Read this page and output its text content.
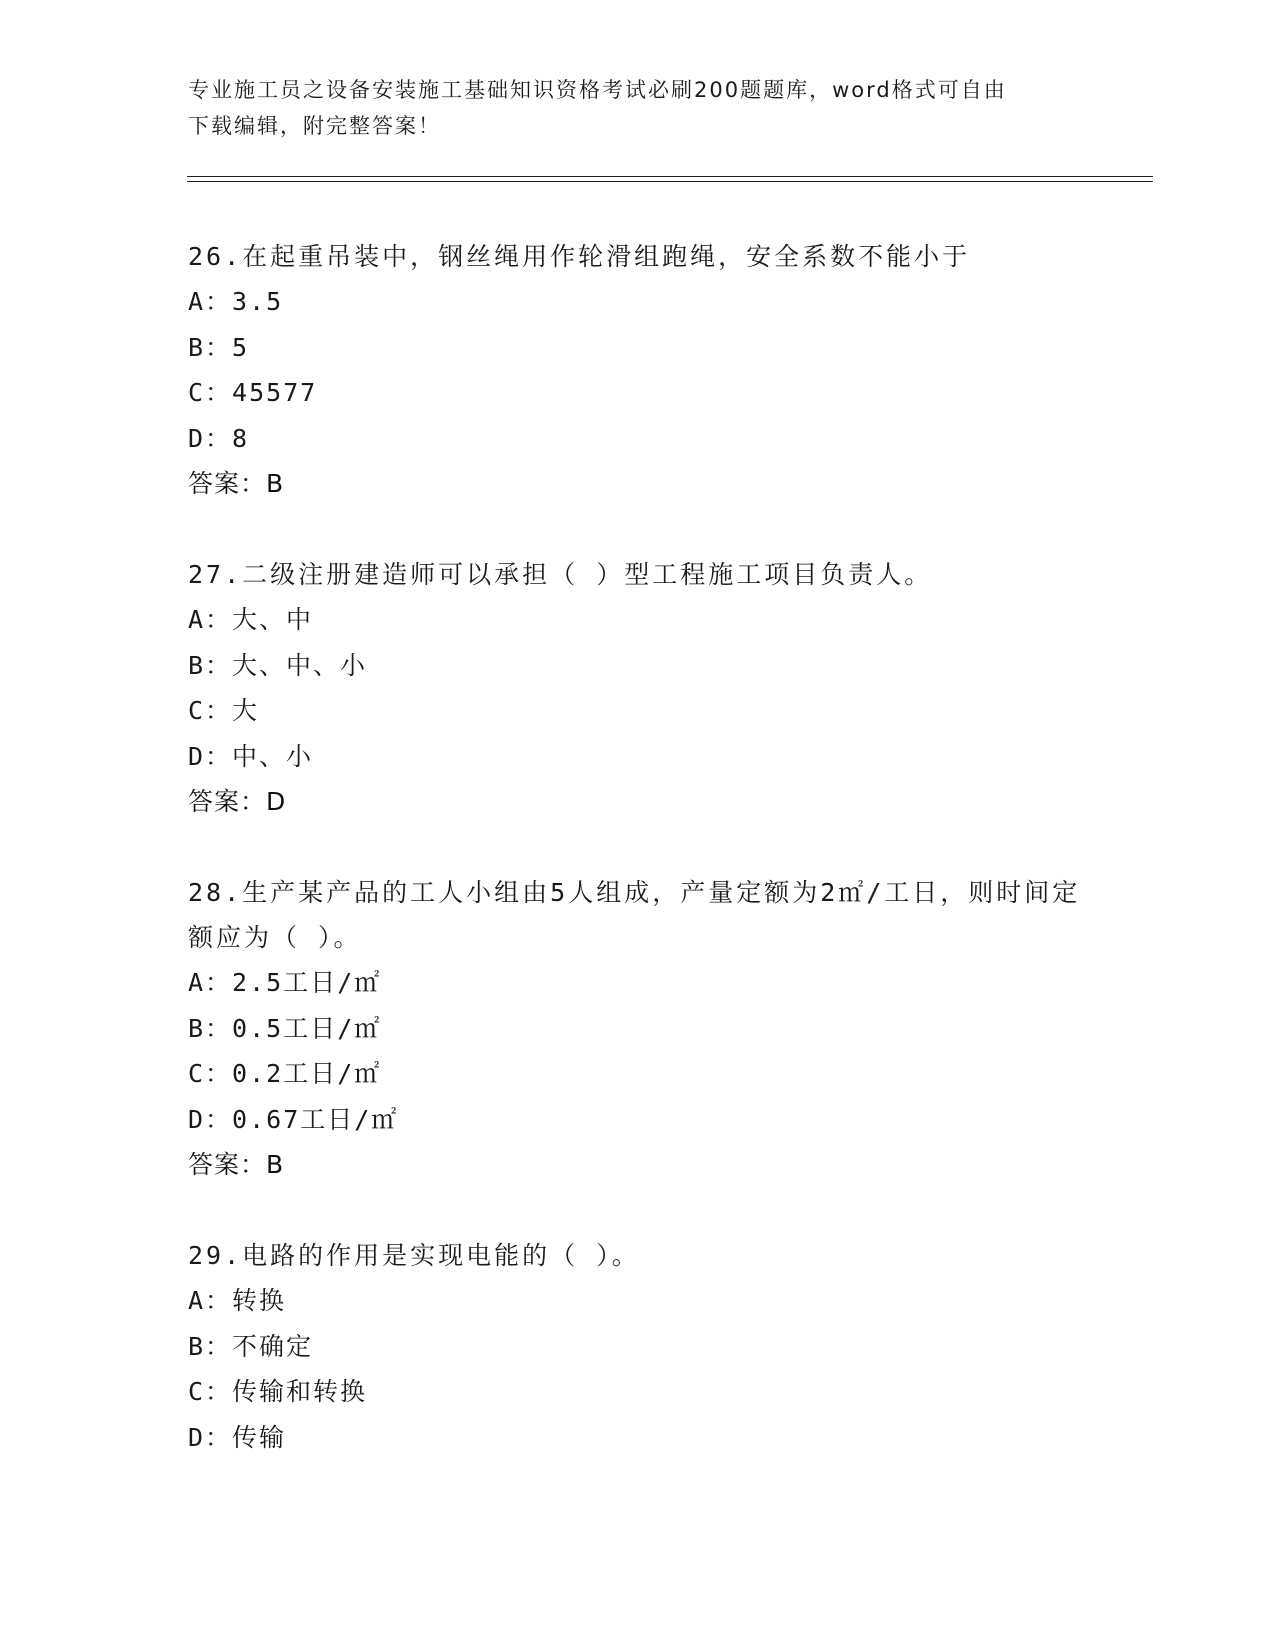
专业施工员之设备安装施工基础知识资格考试必刷200题题库，word格式可自由
下载编辑，附完整答案！
26.在起重吊装中，钢丝绳用作轮滑组跑绳，安全系数不能小于
A：3.5
B：5
C：45577
D：8
答案：B
27.二级注册建造师可以承担（ ）型工程施工项目负责人。
A：大、中
B：大、中、小
C：大
D：中、小
答案：D
28.生产某产品的工人小组由5人组成，产量定额为2㎡/工日，则时间定额应为（ ）。
A：2.5工日/㎡
B：0.5工日/㎡
C：0.2工日/㎡
D：0.67工日/㎡
答案：B
29.电路的作用是实现电能的（ ）。
A：转换
B：不确定
C：传输和转换
D：传输
